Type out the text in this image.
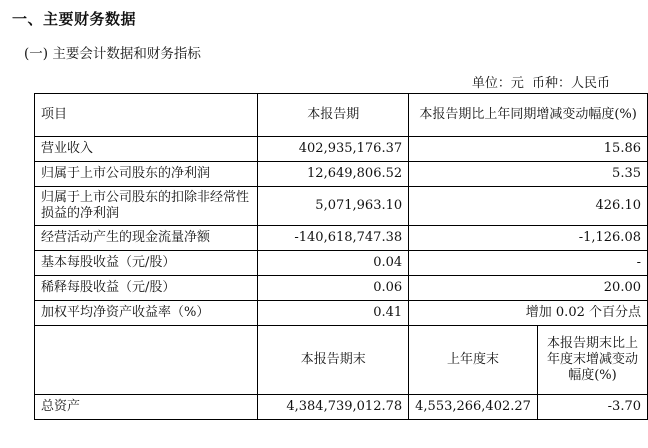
一、主要财务数据
(一) 主要会计数据和财务指标
单位：元 币种：人民币
项目	本报告期	本报告期比上年同期增减变动幅度(%)	
营业收入	402,935,176.37	15.86	
归属于上市公司股东的净利润	12,649,806.52	5.35	
归属于上市公司股东的扣除非经常性损益的净利润	5,071,963.10	426.10	
经营活动产生的现金流量净额	-140,618,747.38	-1,126.08	
基本每股收益（元/股）	0.04	-	
稀释每股收益（元/股）	0.06	20.00	
加权平均净资产收益率（%）	0.41	增加 0.02 个百分点	
	本报告期末	上年度末	本报告期末比上年度末增减变动幅度(%)
总资产	4,384,739,012.78	4,553,266,402.27	-3.70
